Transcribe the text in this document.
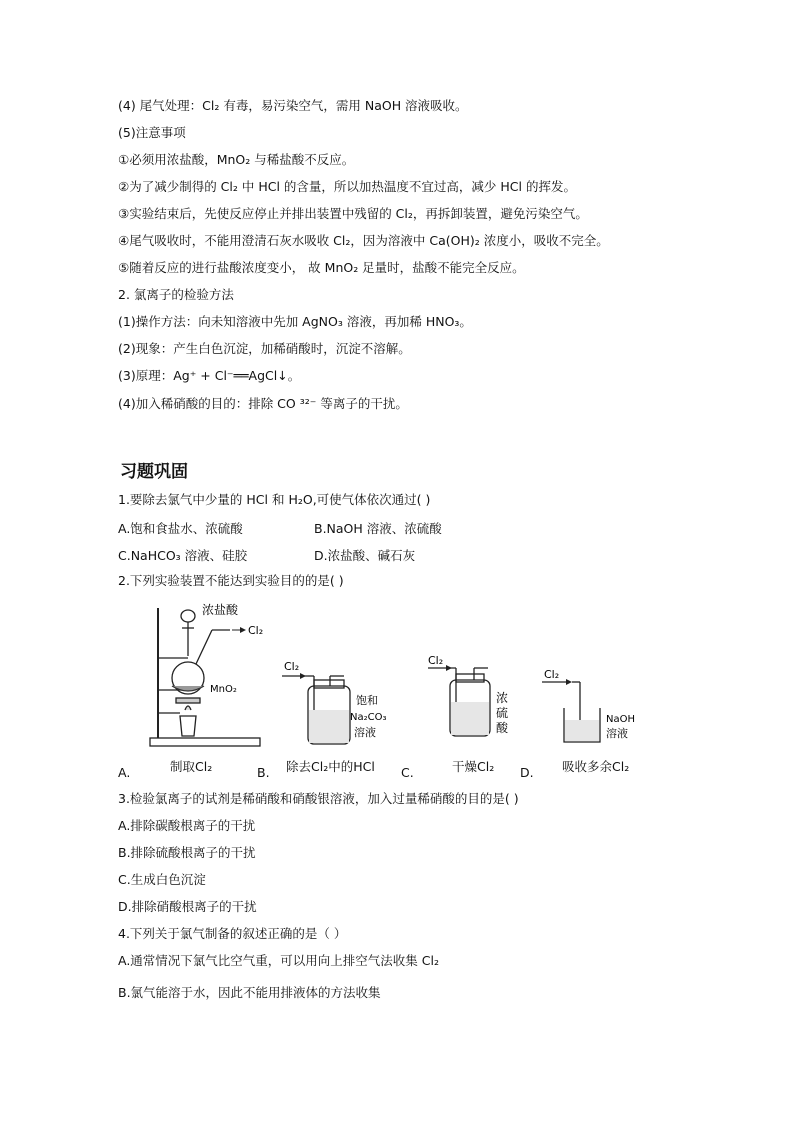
(4) 尾气处理：Cl₂ 有毒，易污染空气，需用 NaOH 溶液吸收。
(5)注意事项
①必须用浓盐酸，MnO₂ 与稀盐酸不反应。
②为了减少制得的 Cl₂ 中 HCl 的含量，所以加热温度不宜过高，减少 HCl 的挥发。
③实验结束后，先使反应停止并排出装置中残留的 Cl₂，再拆卸装置，避免污染空气。
④尾气吸收时，不能用澄清石灰水吸收 Cl₂，因为溶液中 Ca(OH)₂ 浓度小，吸收不完全。
⑤随着反应的进行盐酸浓度变小， 故 MnO₂ 足量时，盐酸不能完全反应。
2. 氯离子的检验方法
(1)操作方法：向未知溶液中先加 AgNO₃ 溶液，再加稀 HNO₃。
(2)现象：产生白色沉淀，加稀硝酸时，沉淀不溶解。
(3)原理：Ag⁺ + Cl⁻══AgCl↓。
(4)加入稀硝酸的目的：排除 CO ³²⁻ 等离子的干扰。
习题巩固
1.要除去氯气中少量的 HCl 和 H₂O,可使气体依次通过( )
A.饱和食盐水、浓硫酸	B.NaOH 溶液、浓硫酸
C.NaHCO₃ 溶液、硅胶	D.浓盐酸、碱石灰
2.下列实验装置不能达到实验目的的是( )
浓盐酸
Cl₂
MnO₂
Cl₂
饱和
Na₂CO₃
溶液
Cl₂
浓
硫
酸
Cl₂
NaOH
溶液
A.	制取Cl₂	B. 除去Cl₂中的HCl C.	干燥Cl₂ D. 吸收多余Cl₂
3.检验氯离子的试剂是稀硝酸和硝酸银溶液，加入过量稀硝酸的目的是( )
A.排除碳酸根离子的干扰
B.排除硫酸根离子的干扰
C.生成白色沉淀
D.排除硝酸根离子的干扰
4.下列关于氯气制备的叙述正确的是（ ）
A.通常情况下氯气比空气重，可以用向上排空气法收集 Cl₂
B.氯气能溶于水，因此不能用排液体的方法收集
